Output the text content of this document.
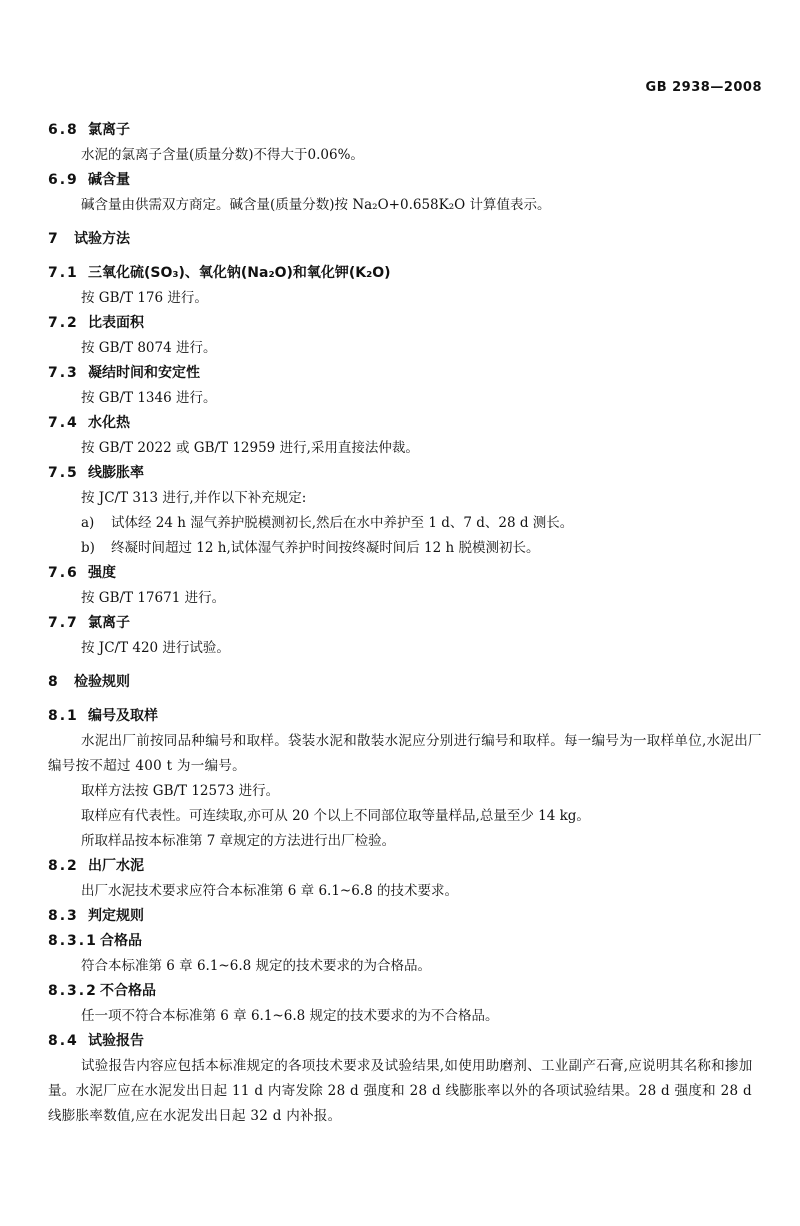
GB 2938—2008
6.8 氯离子
水泥的氯离子含量(质量分数)不得大于0.06%。
6.9 碱含量
碱含量由供需双方商定。碱含量(质量分数)按 Na₂O+0.658K₂O 计算值表示。
7 试验方法
7.1 三氧化硫(SO₃)、氧化钠(Na₂O)和氧化钾(K₂O)
按 GB/T 176 进行。
7.2 比表面积
按 GB/T 8074 进行。
7.3 凝结时间和安定性
按 GB/T 1346 进行。
7.4 水化热
按 GB/T 2022 或 GB/T 12959 进行,采用直接法仲裁。
7.5 线膨胀率
按 JC/T 313 进行,并作以下补充规定:
a) 试体经 24 h 湿气养护脱模测初长,然后在水中养护至 1 d、7 d、28 d 测长。
b) 终凝时间超过 12 h,试体湿气养护时间按终凝时间后 12 h 脱模测初长。
7.6 强度
按 GB/T 17671 进行。
7.7 氯离子
按 JC/T 420 进行试验。
8 检验规则
8.1 编号及取样
水泥出厂前按同品种编号和取样。袋装水泥和散装水泥应分别进行编号和取样。每一编号为一取样单位,水泥出厂编号按不超过 400 t 为一编号。
取样方法按 GB/T 12573 进行。
取样应有代表性。可连续取,亦可从 20 个以上不同部位取等量样品,总量至少 14 kg。
所取样品按本标准第 7 章规定的方法进行出厂检验。
8.2 出厂水泥
出厂水泥技术要求应符合本标准第 6 章 6.1~6.8 的技术要求。
8.3 判定规则
8.3.1 合格品
符合本标准第 6 章 6.1~6.8 规定的技术要求的为合格品。
8.3.2 不合格品
任一项不符合本标准第 6 章 6.1~6.8 规定的技术要求的为不合格品。
8.4 试验报告
试验报告内容应包括本标准规定的各项技术要求及试验结果,如使用助磨剂、工业副产石膏,应说明其名称和掺加量。水泥厂应在水泥发出日起 11 d 内寄发除 28 d 强度和 28 d 线膨胀率以外的各项试验结果。28 d 强度和 28 d 线膨胀率数值,应在水泥发出日起 32 d 内补报。
